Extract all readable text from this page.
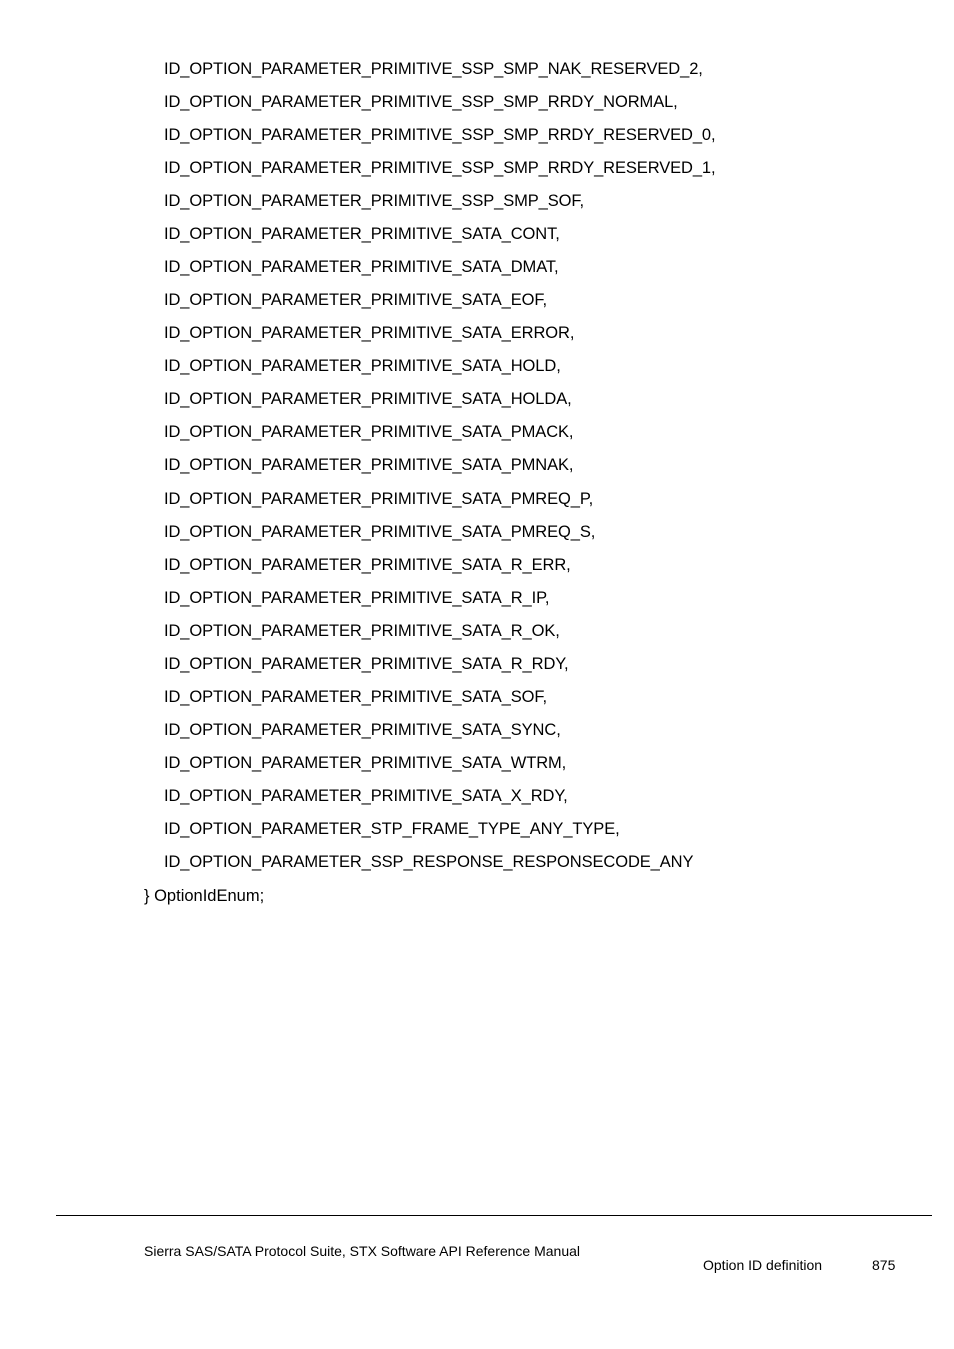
ID_OPTION_PARAMETER_PRIMITIVE_SSP_SMP_NAK_RESERVED_2,
ID_OPTION_PARAMETER_PRIMITIVE_SSP_SMP_RRDY_NORMAL,
ID_OPTION_PARAMETER_PRIMITIVE_SSP_SMP_RRDY_RESERVED_0,
ID_OPTION_PARAMETER_PRIMITIVE_SSP_SMP_RRDY_RESERVED_1,
ID_OPTION_PARAMETER_PRIMITIVE_SSP_SMP_SOF,
ID_OPTION_PARAMETER_PRIMITIVE_SATA_CONT,
ID_OPTION_PARAMETER_PRIMITIVE_SATA_DMAT,
ID_OPTION_PARAMETER_PRIMITIVE_SATA_EOF,
ID_OPTION_PARAMETER_PRIMITIVE_SATA_ERROR,
ID_OPTION_PARAMETER_PRIMITIVE_SATA_HOLD,
ID_OPTION_PARAMETER_PRIMITIVE_SATA_HOLDA,
ID_OPTION_PARAMETER_PRIMITIVE_SATA_PMACK,
ID_OPTION_PARAMETER_PRIMITIVE_SATA_PMNAK,
ID_OPTION_PARAMETER_PRIMITIVE_SATA_PMREQ_P,
ID_OPTION_PARAMETER_PRIMITIVE_SATA_PMREQ_S,
ID_OPTION_PARAMETER_PRIMITIVE_SATA_R_ERR,
ID_OPTION_PARAMETER_PRIMITIVE_SATA_R_IP,
ID_OPTION_PARAMETER_PRIMITIVE_SATA_R_OK,
ID_OPTION_PARAMETER_PRIMITIVE_SATA_R_RDY,
ID_OPTION_PARAMETER_PRIMITIVE_SATA_SOF,
ID_OPTION_PARAMETER_PRIMITIVE_SATA_SYNC,
ID_OPTION_PARAMETER_PRIMITIVE_SATA_WTRM,
ID_OPTION_PARAMETER_PRIMITIVE_SATA_X_RDY,
ID_OPTION_PARAMETER_STP_FRAME_TYPE_ANY_TYPE,
ID_OPTION_PARAMETER_SSP_RESPONSE_RESPONSECODE_ANY
} OptionIdEnum;
Sierra SAS/SATA Protocol Suite, STX Software API Reference Manual
Option ID definition	875
